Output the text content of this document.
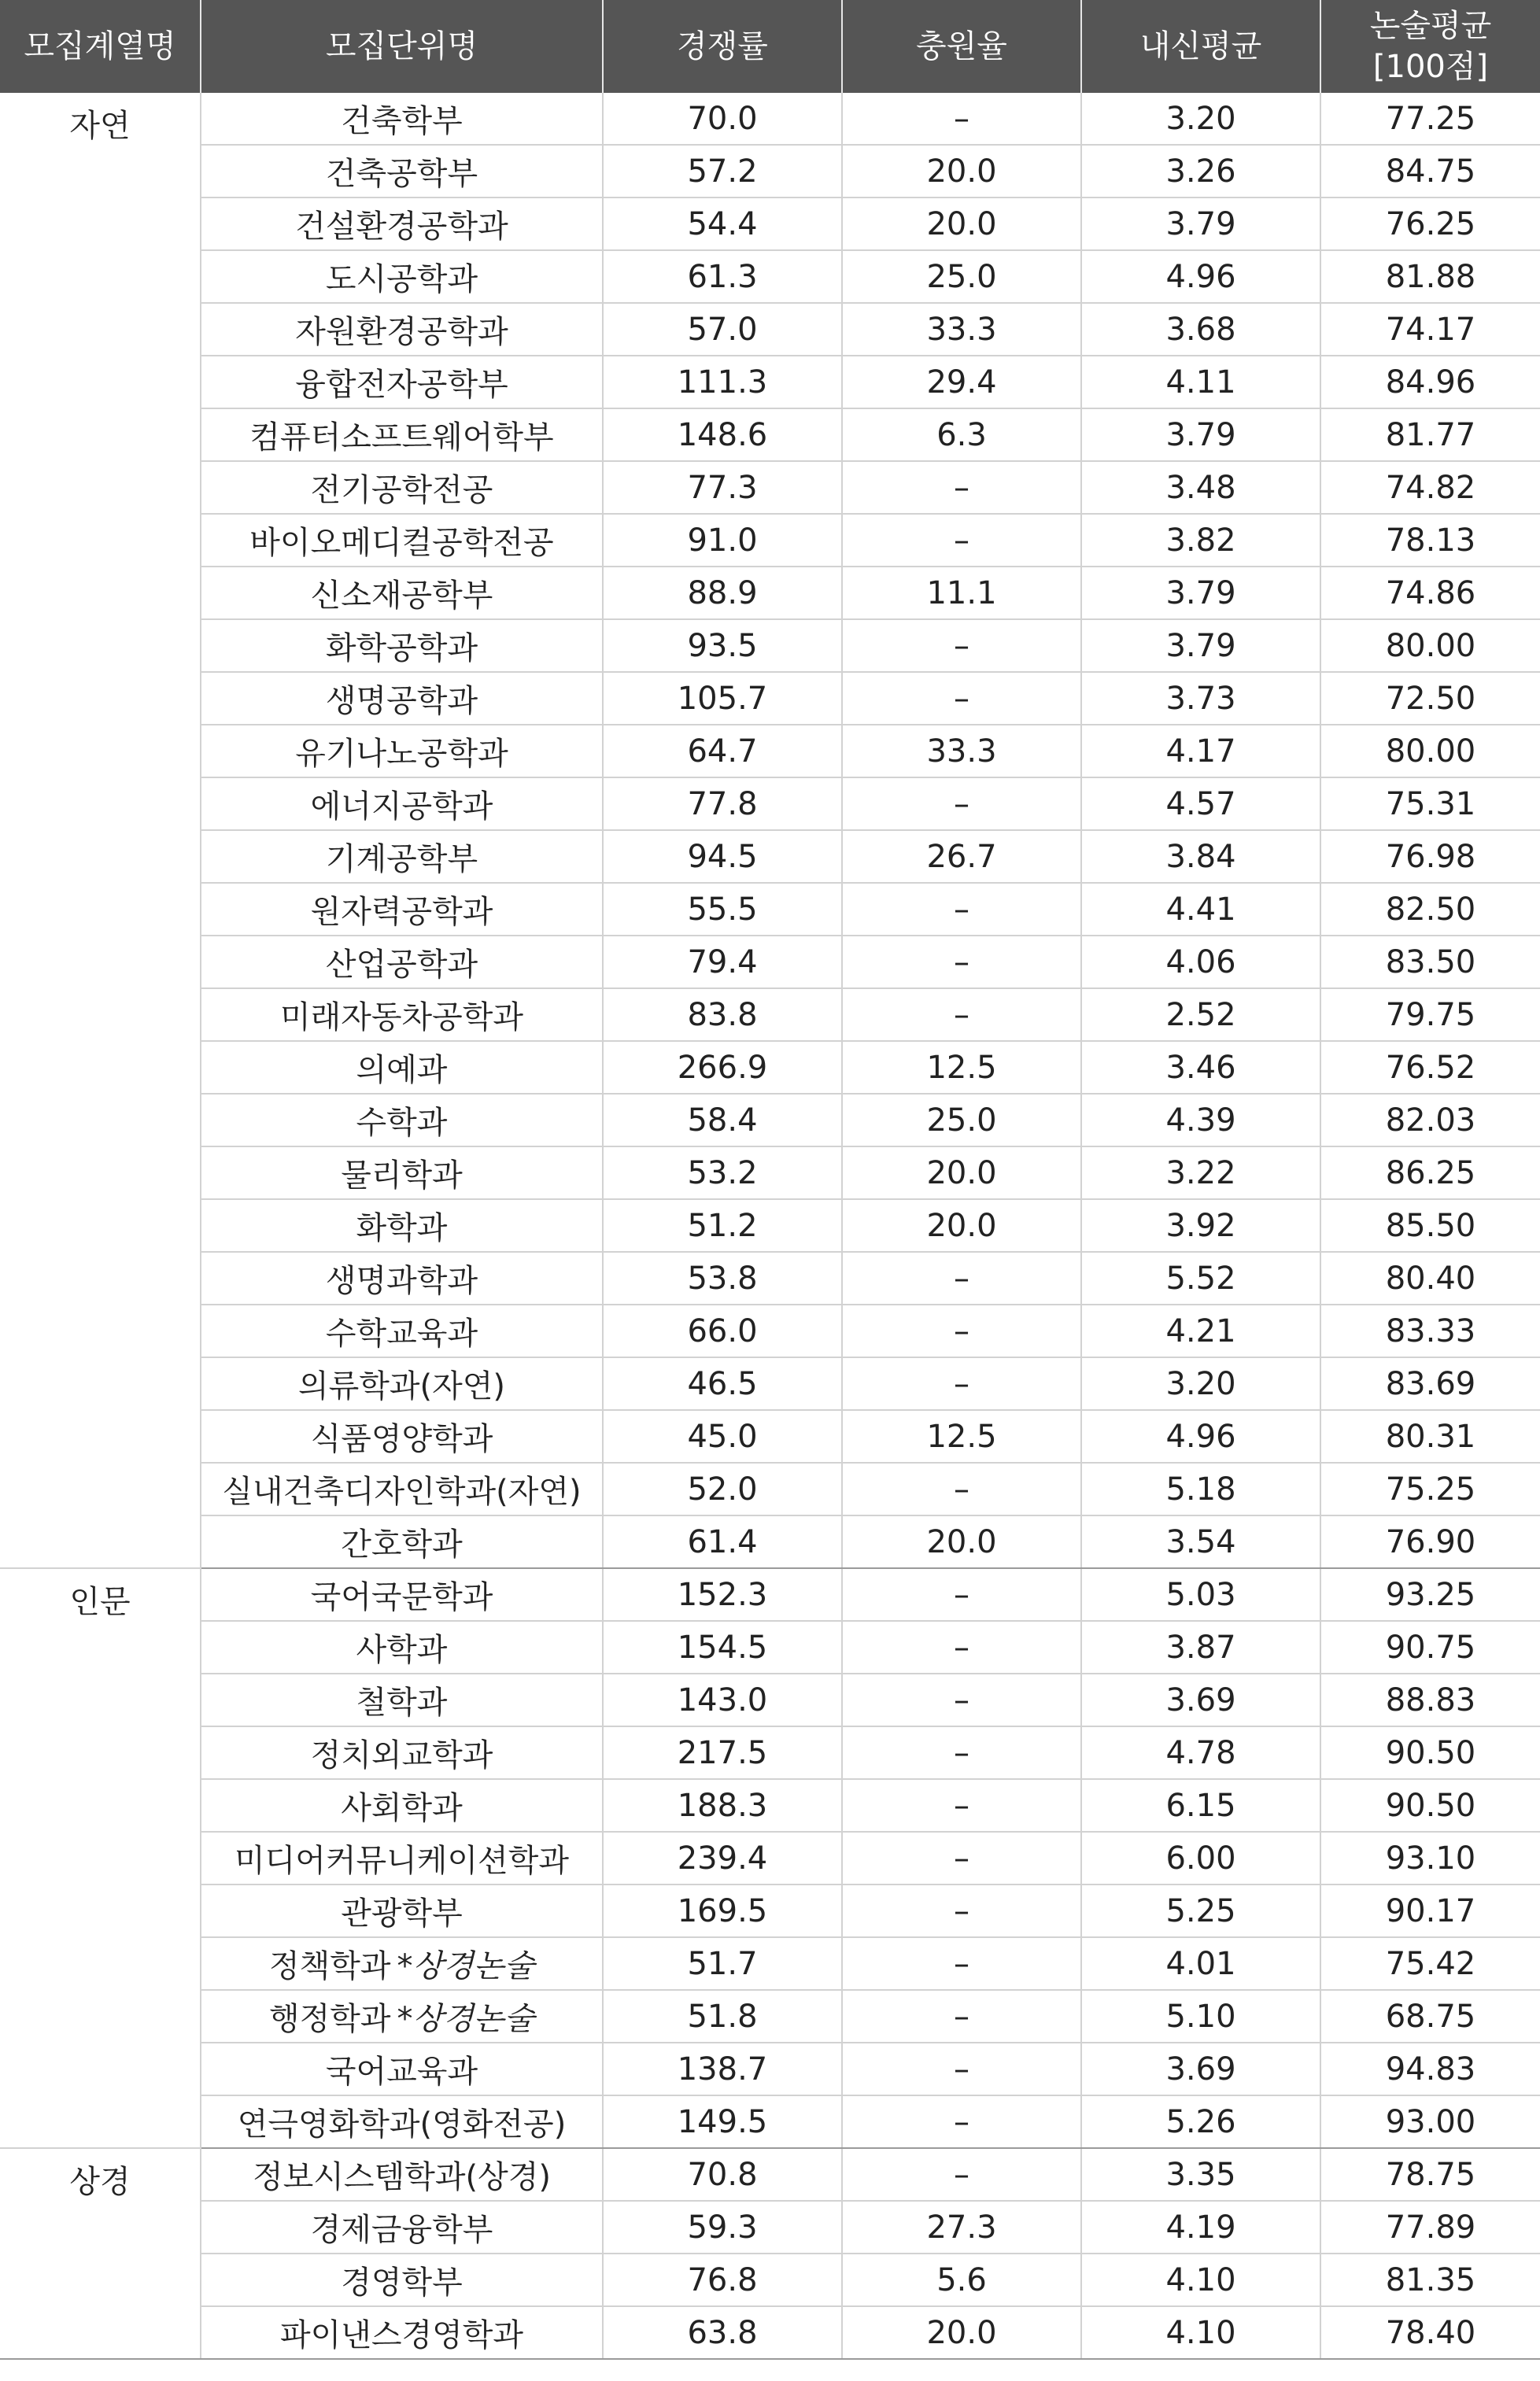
모집계열명	모집단위명	경쟁률	충원율	내신평균	논술평균
[100점]

자연	건축학부	70.0	–	3.20	77.25
	건축공학부	57.2	20.0	3.26	84.75
	건설환경공학과	54.4	20.0	3.79	76.25
	도시공학과	61.3	25.0	4.96	81.88
	자원환경공학과	57.0	33.3	3.68	74.17
	융합전자공학부	111.3	29.4	4.11	84.96
	컴퓨터소프트웨어학부	148.6	6.3	3.79	81.77
	전기공학전공	77.3	–	3.48	74.82
	바이오메디컬공학전공	91.0	–	3.82	78.13
	신소재공학부	88.9	11.1	3.79	74.86
	화학공학과	93.5	–	3.79	80.00
	생명공학과	105.7	–	3.73	72.50
	유기나노공학과	64.7	33.3	4.17	80.00
	에너지공학과	77.8	–	4.57	75.31
	기계공학부	94.5	26.7	3.84	76.98
	원자력공학과	55.5	–	4.41	82.50
	산업공학과	79.4	–	4.06	83.50
	미래자동차공학과	83.8	–	2.52	79.75
	의예과	266.9	12.5	3.46	76.52
	수학과	58.4	25.0	4.39	82.03
	물리학과	53.2	20.0	3.22	86.25
	화학과	51.2	20.0	3.92	85.50
	생명과학과	53.8	–	5.52	80.40
	수학교육과	66.0	–	4.21	83.33
	의류학과(자연)	46.5	–	3.20	83.69
	식품영양학과	45.0	12.5	4.96	80.31
	실내건축디자인학과(자연)	52.0	–	5.18	75.25
	간호학과	61.4	20.0	3.54	76.90
인문	국어국문학과	152.3	–	5.03	93.25
	사학과	154.5	–	3.87	90.75
	철학과	143.0	–	3.69	88.83
	정치외교학과	217.5	–	4.78	90.50
	사회학과	188.3	–	6.15	90.50
	미디어커뮤니케이션학과	239.4	–	6.00	93.10
	관광학부	169.5	–	5.25	90.17
	정책학과 *상경논술	51.7	–	4.01	75.42
	행정학과 *상경논술	51.8	–	5.10	68.75
	국어교육과	138.7	–	3.69	94.83
	연극영화학과(영화전공)	149.5	–	5.26	93.00
상경	정보시스템학과(상경)	70.8	–	3.35	78.75
	경제금융학부	59.3	27.3	4.19	77.89
	경영학부	76.8	5.6	4.10	81.35
	파이낸스경영학과	63.8	20.0	4.10	78.40
